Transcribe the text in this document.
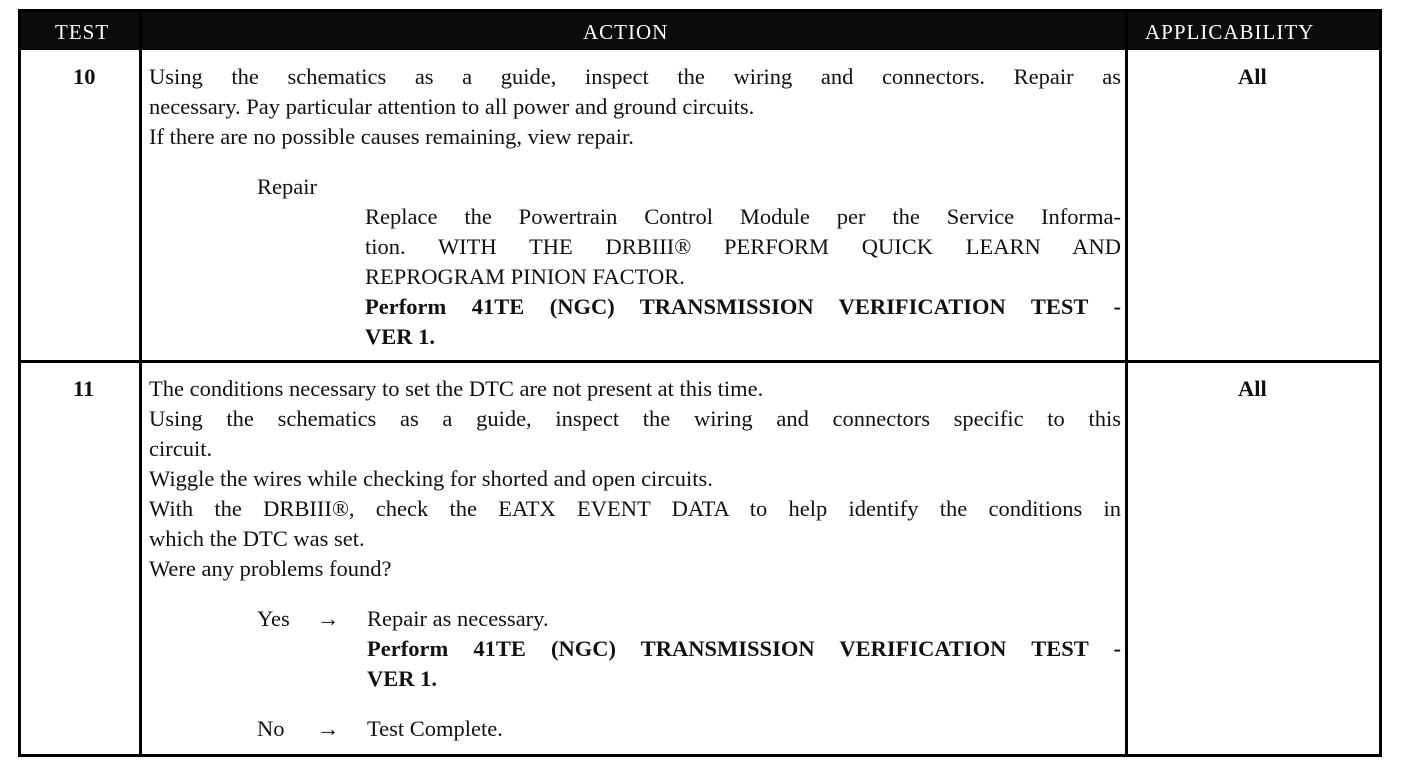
TEST	ACTION	APPLICABILITY
10 Using the schematics as a guide, inspect the wiring and connectors. Repair as
necessary. Pay particular attention to all power and ground circuits.
If there are no possible causes remaining, view repair.
Repair
Replace the Powertrain Control Module per the Service Informa-
tion. WITH THE DRBIII® PERFORM QUICK LEARN AND
REPROGRAM PINION FACTOR.
Perform 41TE (NGC) TRANSMISSION VERIFICATION TEST -
VER 1.
All
11 The conditions necessary to set the DTC are not present at this time.
Using the schematics as a guide, inspect the wiring and connectors specific to this
circuit.
Wiggle the wires while checking for shorted and open circuits.
With the DRBIII®, check the EATX EVENT DATA to help identify the conditions in
which the DTC was set.
Were any problems found?
Yes → Repair as necessary.
Perform 41TE (NGC) TRANSMISSION VERIFICATION TEST -
VER 1.
No → Test Complete.
All
